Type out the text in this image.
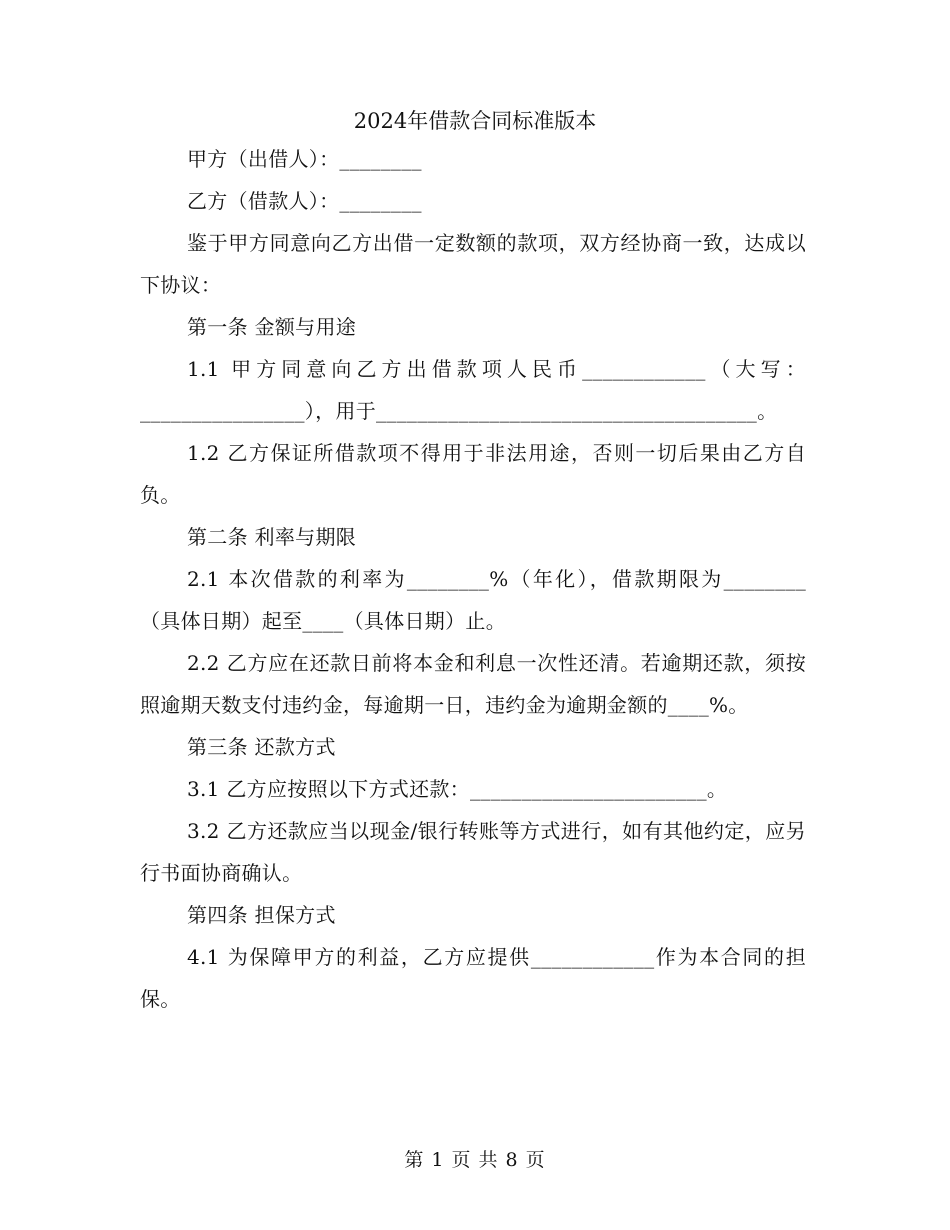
2024年借款合同标准版本

甲方（出借人）：________

乙方（借款人）：________

鉴于甲方同意向乙方出借一定数额的款项，双方经协商一致，达成以下协议：

第一条 金额与用途

1.1 甲方同意向乙方出借款项人民币____________（大写：________________），用于_____________________________________。

1.2 乙方保证所借款项不得用于非法用途，否则一切后果由乙方自负。

第二条 利率与期限

2.1 本次借款的利率为________%（年化），借款期限为________（具体日期）起至____（具体日期）止。

2.2 乙方应在还款日前将本金和利息一次性还清。若逾期还款，须按照逾期天数支付违约金，每逾期一日，违约金为逾期金额的____%。

第三条 还款方式

3.1 乙方应按照以下方式还款：_______________________。

3.2 乙方还款应当以现金/银行转账等方式进行，如有其他约定，应另行书面协商确认。

第四条 担保方式

4.1 为保障甲方的利益，乙方应提供____________作为本合同的担保。

第 1 页 共 8 页
